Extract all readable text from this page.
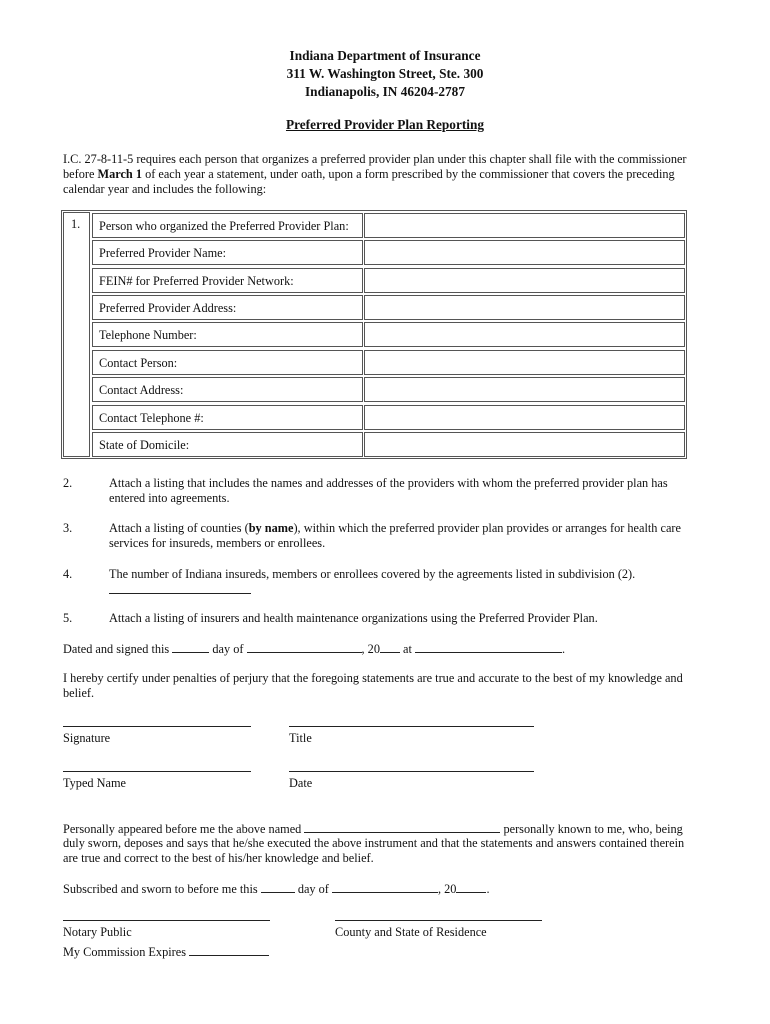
Indiana Department of Insurance
311 W. Washington Street, Ste. 300
Indianapolis, IN 46204-2787
Preferred Provider Plan Reporting
I.C. 27-8-11-5 requires each person that organizes a preferred provider plan under this chapter shall file with the commissioner
before March 1 of each year a statement, under oath, upon a form prescribed by the commissioner that covers the preceding
calendar year and includes the following:
1.	Person who organized the Preferred Provider Plan:
Preferred Provider Name:
FEIN# for Preferred Provider Network:
Preferred Provider Address:
Telephone Number:
Contact Person:
Contact Address:
Contact Telephone #:
State of Domicile:
2.	Attach a listing that includes the names and addresses of the providers with whom the preferred provider plan has
entered into agreements.
3.	Attach a listing of counties (by name), within which the preferred provider plan provides or arranges for health care
services for insureds, members or enrollees.
4.	The number of Indiana insureds, members or enrollees covered by the agreements listed in subdivision (2).
5.	Attach a listing of insurers and health maintenance organizations using the Preferred Provider Plan.
Dated and signed this	day of	, 20 at	.
I hereby certify under penalties of perjury that the foregoing statements are true and accurate to the best of my knowledge and
belief.
Signature	Title
Typed Name	Date
Personally appeared before me the above named	personally known to me, who, being
duly sworn, deposes and says that he/she executed the above instrument and that the statements and answers contained therein
are true and correct to the best of his/her knowledge and belief.
Subscribed and sworn to before me this	day of	, 20 .
Notary Public	County and State of Residence
My Commission Expires
